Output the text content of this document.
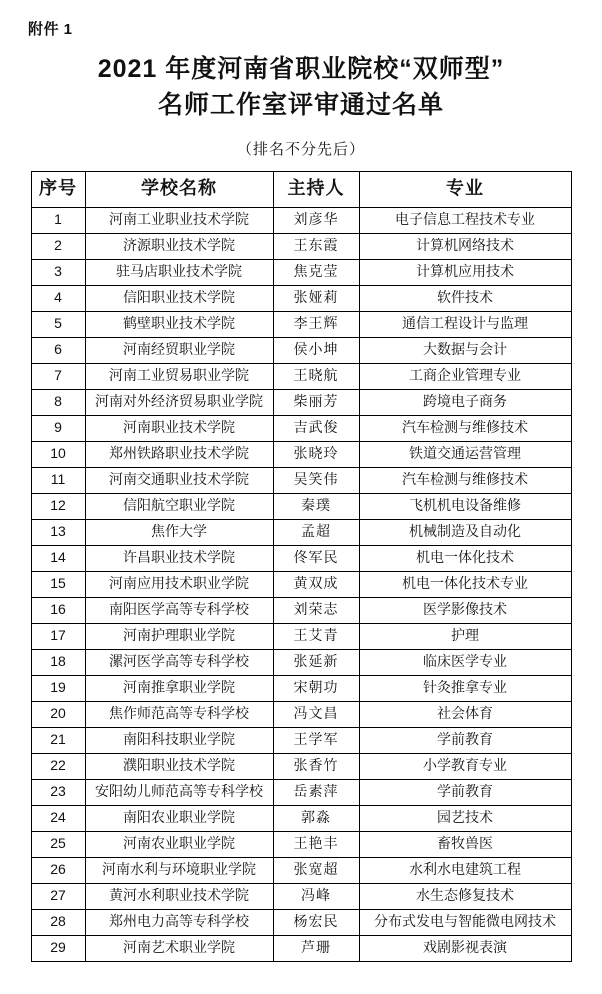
附件 1
2021 年度河南省职业院校“双师型”
名师工作室评审通过名单
（排名不分先后）
序号	学校名称	主持人	专业
1	河南工业职业技术学院	刘彦华	电子信息工程技术专业
2	济源职业技术学院	王东霞	计算机网络技术
3	驻马店职业技术学院	焦克莹	计算机应用技术
4	信阳职业技术学院	张娅莉	软件技术
5	鹤壁职业技术学院	李王辉	通信工程设计与监理
6	河南经贸职业学院	侯小坤	大数据与会计
7	河南工业贸易职业学院	王晓航	工商企业管理专业
8	河南对外经济贸易职业学院	柴丽芳	跨境电子商务
9	河南职业技术学院	吉武俊	汽车检测与维修技术
10	郑州铁路职业技术学院	张晓玲	铁道交通运营管理
11	河南交通职业技术学院	吴笑伟	汽车检测与维修技术
12	信阳航空职业学院	秦璞	飞机机电设备维修
13	焦作大学	孟超	机械制造及自动化
14	许昌职业技术学院	佟军民	机电一体化技术
15	河南应用技术职业学院	黄双成	机电一体化技术专业
16	南阳医学高等专科学校	刘荣志	医学影像技术
17	河南护理职业学院	王艾青	护理
18	漯河医学高等专科学校	张延新	临床医学专业
19	河南推拿职业学院	宋朝功	针灸推拿专业
20	焦作师范高等专科学校	冯文昌	社会体育
21	南阳科技职业学院	王学军	学前教育
22	濮阳职业技术学院	张香竹	小学教育专业
23	安阳幼儿师范高等专科学校	岳素萍	学前教育
24	南阳农业职业学院	郭淼	园艺技术
25	河南农业职业学院	王艳丰	畜牧兽医
26	河南水利与环境职业学院	张宽超	水利水电建筑工程
27	黄河水利职业技术学院	冯峰	水生态修复技术
28	郑州电力高等专科学校	杨宏民	分布式发电与智能微电网技术
29	河南艺术职业学院	芦珊	戏剧影视表演
